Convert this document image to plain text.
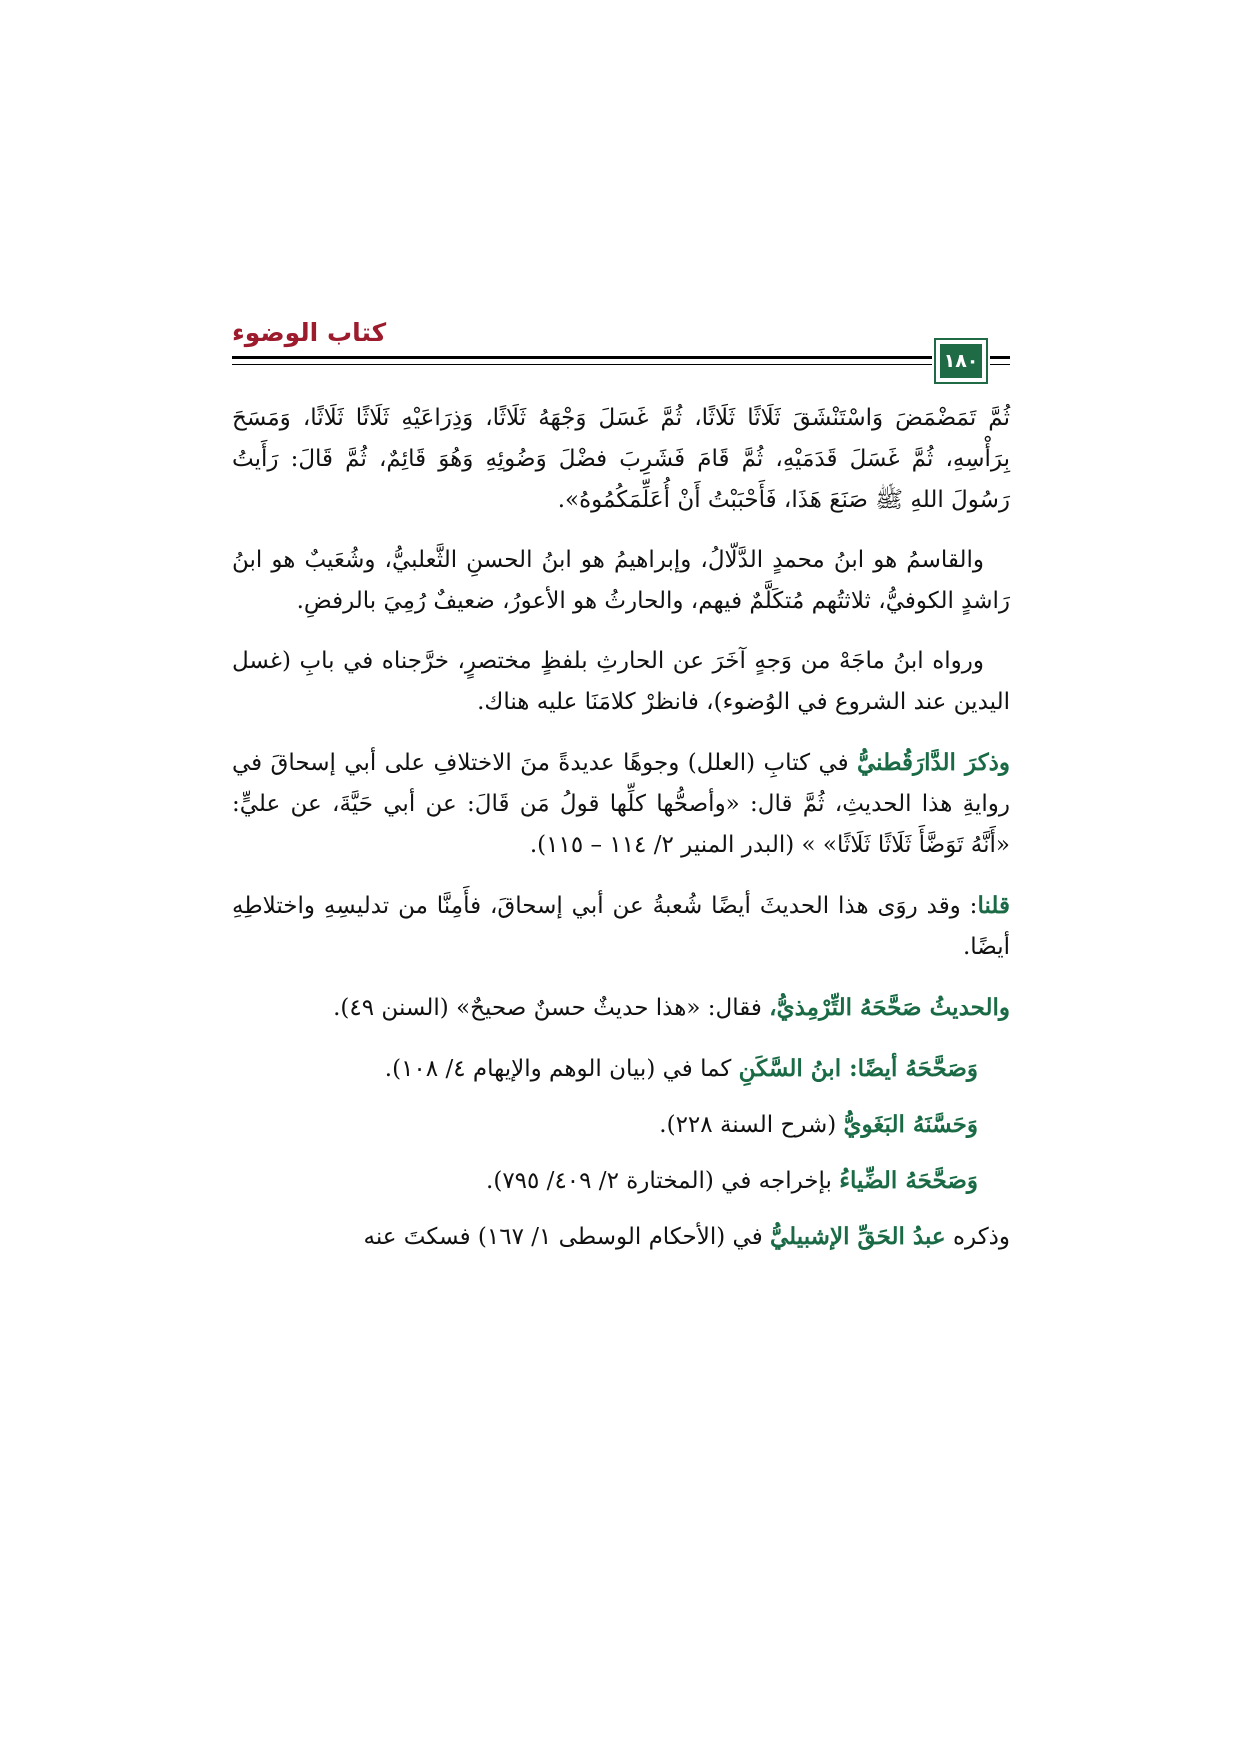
كتاب الوضوء
١٨٠

ثُمَّ تَمَضْمَضَ وَاسْتَنْشَقَ ثَلَاثًا ثَلَاثًا، ثُمَّ غَسَلَ وَجْهَهُ ثَلَاثًا، وَذِرَاعَيْهِ ثَلَاثًا ثَلَاثًا، وَمَسَحَ بِرَأْسِهِ، ثُمَّ غَسَلَ قَدَمَيْهِ، ثُمَّ قَامَ فَشَرِبَ فضْلَ وَضُوئِهِ وَهُوَ قَائِمٌ، ثُمَّ قَالَ: رَأَيتُ رَسُولَ اللهِ ﷺ صَنَعَ هَذَا، فَأَحْبَبْتُ أَنْ أُعَلِّمَكُمُوهُ».

والقاسمُ هو ابنُ محمدٍ الدَّلّالُ، وإبراهيمُ هو ابنُ الحسنِ الثَّعلبيُّ، وشُعَيبٌ هو ابنُ رَاشدٍ الكوفيُّ، ثلاثتُهم مُتكَلَّمٌ فيهم، والحارثُ هو الأعورُ، ضعيفٌ رُمِيَ بالرفضِ.

ورواه ابنُ ماجَهْ من وَجهٍ آخَرَ عن الحارثِ بلفظٍ مختصرٍ، خرَّجناه في بابِ (غسل اليدين عند الشروع في الوُضوء)، فانظرْ كلامَنَا عليه هناك.

وذكرَ الدَّارَقُطنيُّ في كتابِ (العلل) وجوهًا عديدةً منَ الاختلافِ على أبي إسحاقَ في روايةِ هذا الحديثِ، ثُمَّ قال: «وأصحُّها كلِّها قولُ مَن قَالَ: عن أبي حَيَّةَ، عن عليٍّ: «أَنَّهُ تَوَضَّأَ ثَلَاثًا ثَلَاثًا» » (البدر المنير ٢/ ١١٤ – ١١٥).

قلنا: وقد روَى هذا الحديثَ أيضًا شُعبةُ عن أبي إسحاقَ، فأَمِنَّا من تدليسِهِ واختلاطِهِ أيضًا.

والحديثُ صَحَّحَهُ التِّرْمِذيُّ، فقال: «هذا حديثٌ حسنٌ صحيحٌ» (السنن ٤٩).

وَصَحَّحَهُ أيضًا: ابنُ السَّكَنِ كما في (بيان الوهم والإيهام ٤/ ١٠٨).

وَحَسَّنَهُ البَغَويُّ (شرح السنة ٢٢٨).

وَصَحَّحَهُ الضِّياءُ بإخراجه في (المختارة ٢/ ٤٠٩/ ٧٩٥).

وذكره عبدُ الحَقِّ الإشبيليُّ في (الأحكام الوسطى ١/ ١٦٧) فسكتَ عنه
